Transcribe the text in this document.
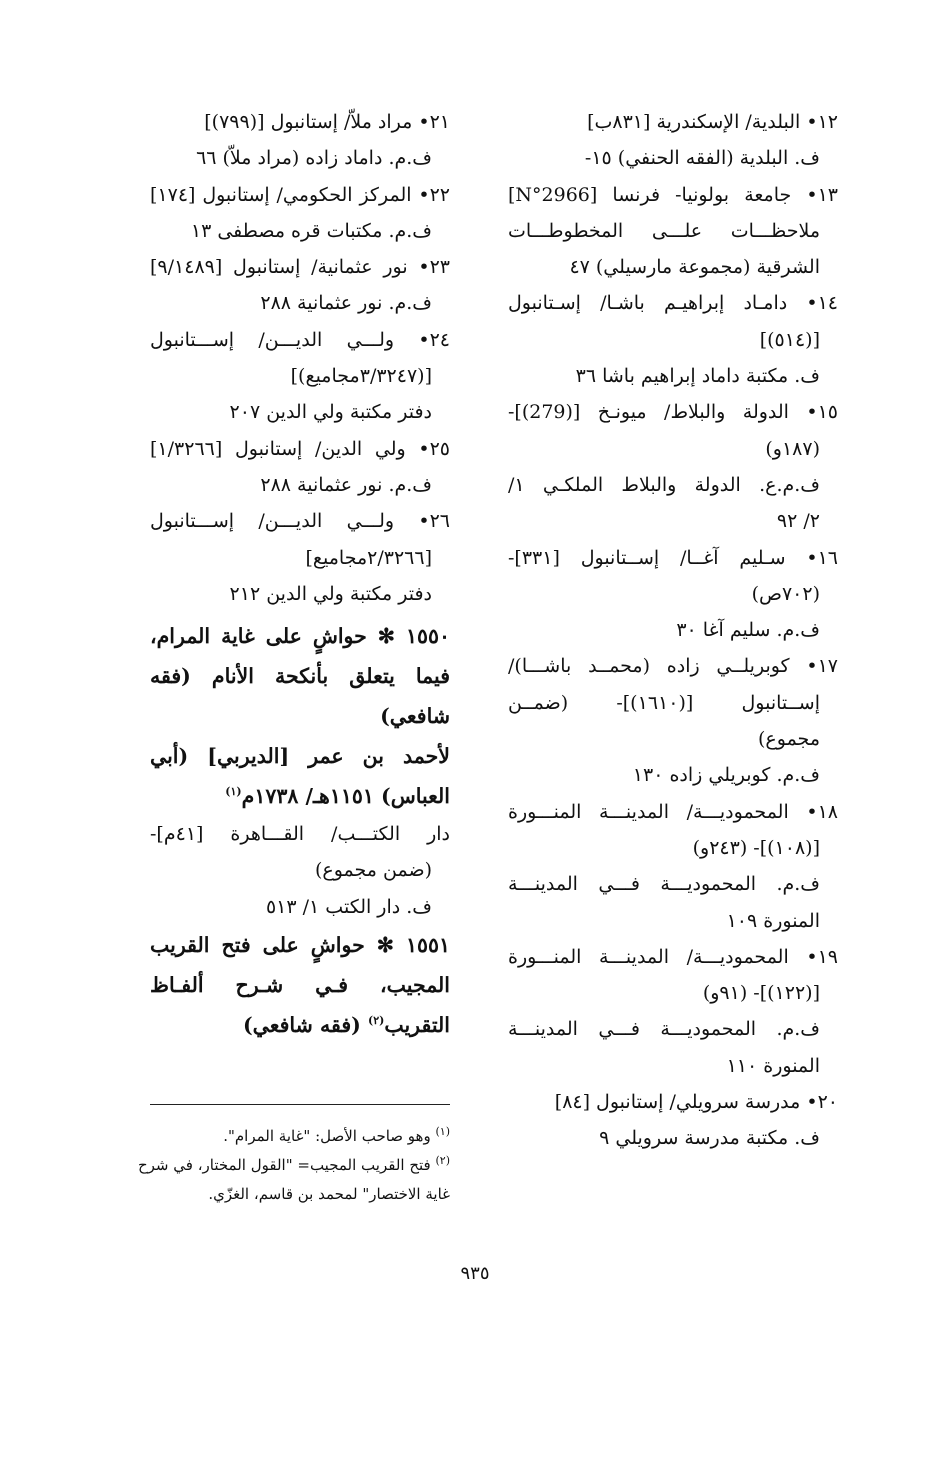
١٢• البلدية/ الإسكندرية [٨٣١ب]
ف. البلدية (الفقه الحنفي) ١٥-
١٣• جامعة بولونيا- فرنسا [N°2966]
ملاحظـــات علـــى المخطوطـــات
الشرقية (مجموعة مارسيلي) ٤٧
١٤• دامـاد إبراهيـم باشـا/ إسـتانبول
[(٥١٤)]
ف. مكتبة داماد إبراهيم باشا ٣٦
١٥• الدولة والبلاط/ ميونـخ [(279)]-
(١٨٧و)
ف.م.ع. الدولة والبلاط الملكـي ١/
٢/ ٩٢
١٦• سـليم آغــا/ إســتانبول [٣٣١]-
(٧٠٢ص)
ف.م. سليم آغا ٣٠
١٧• كوبريلــي زاده (محمــد باشـــا)/
إســتانبول [(١٦١٠)]- (ضمــن
مجموع)
ف.م. كوبريلي زاده ١٣٠
١٨• المحموديـــة/ المدينـــة المنـــورة
[(١٠٨)]- (٢٤٣و)
ف.م. المحموديـــة فـــي المدينـــة
المنورة ١٠٩
١٩• المحموديـــة/ المدينـــة المنـــورة
[(١٢٢)]- (٩١و)
ف.م. المحموديـــة فـــي المدينـــة
المنورة ١١٠
٢٠• مدرسة سرويلي/ إستانبول [٨٤]
ف. مكتبة مدرسة سرويلي ٩
٢١• مراد ملاّ/ إستانبول [(٧٩٩)]
ف.م. داماد زاده (مراد ملاّ) ٦٦
٢٢• المركز الحكومي/ إستانبول [١٧٤]
ف.م. مكتبات قره مصطفى ١٣
٢٣• نور عثمانية/ إستانبول [٩/١٤٨٩]
ف.م. نور عثمانية ٢٨٨
٢٤• ولـــي الديـــن/ إســـتانبول
[(٣/٣٢٤٧مجاميع)]
دفتر مكتبة ولي الدين ٢٠٧
٢٥• ولي الدين/ إستانبول [١/٣٢٦٦]
ف.م. نور عثمانية ٢٨٨
٢٦• ولـــي الديـــن/ إســـتانبول
[٢/٣٢٦٦مجاميع]
دفتر مكتبة ولي الدين ٢١٢
١٥٥٠ ✻ حواشٍ على غاية المرام،
فيما يتعلق بأنكحة الأنام (فقه
شافعي)
لأحمد بن عمر [الديربي] (أبي
العباس) ١١٥١هـ/ ١٧٣٨م$^{(١)}$
دار الكتـــب/ القـــاهرة [٤١م]-
(ضمن مجموع)
ف. دار الكتب ١/ ٥١٣
١٥٥١ ✻ حواشٍ على فتح القريب
المجيب، فـي شـرح ألفـاظ
التقريب$^{(٢)}$ (فقه شافعي)
$^{(١)}$ وهو صاحب الأصل: "غاية المرام".
$^{(٢)}$ فتح القريب المجيب= "القول المختار، في شرح
غاية الاختصار" لمحمد بن قاسم، الغزّي.
٩٣٥
